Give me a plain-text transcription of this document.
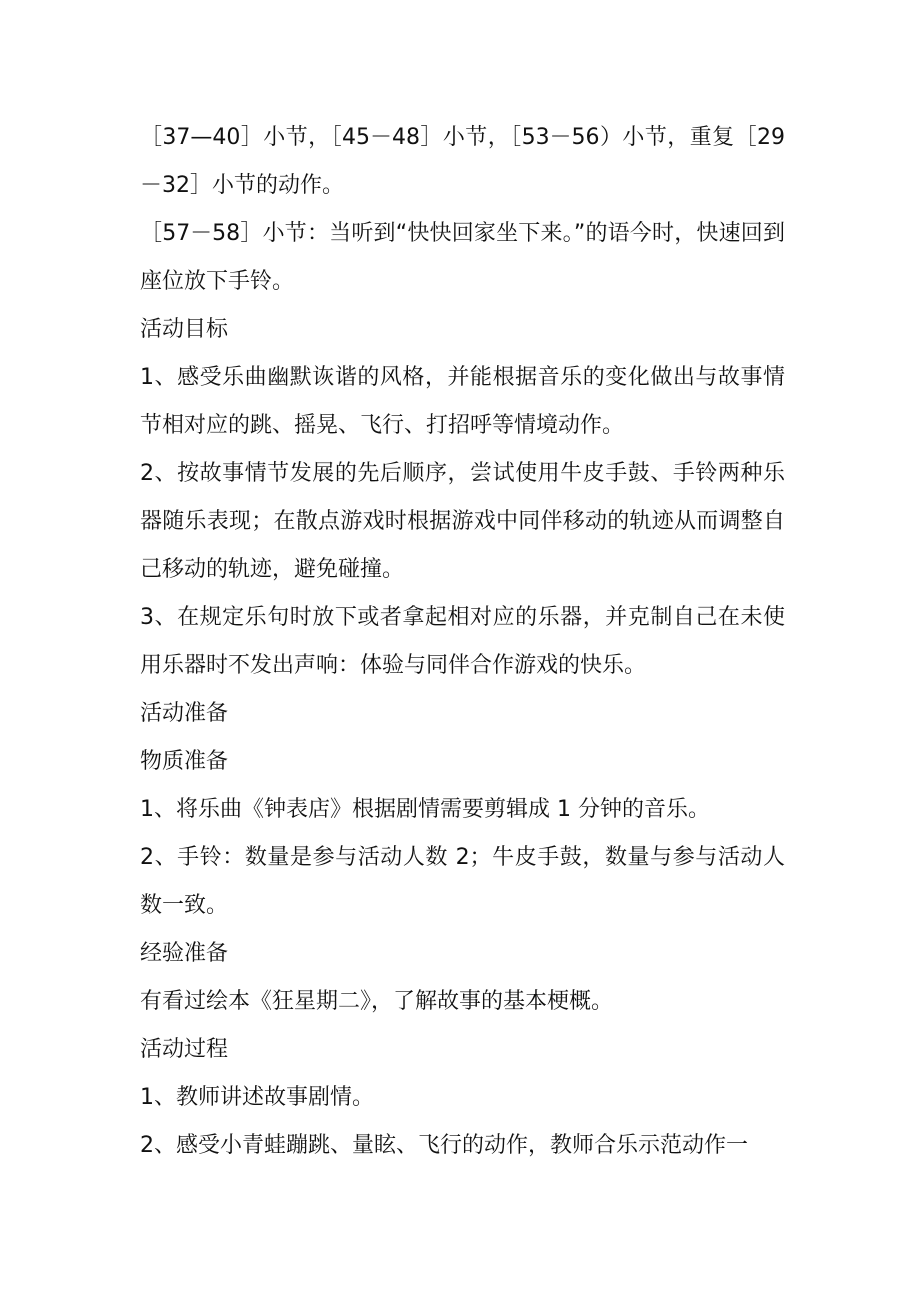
［37—40］小节，［45－48］小节，［53－56）小节，重复［29－32］小节的动作。

［57－58］小节：当听到“快快回家坐下来。”的语今时，快速回到座位放下手铃。

活动目标

1、感受乐曲幽默诙谐的风格，并能根据音乐的变化做出与故事情节相对应的跳、摇晃、飞行、打招呼等情境动作。

2、按故事情节发展的先后顺序，尝试使用牛皮手鼓、手铃两种乐器随乐表现；在散点游戏时根据游戏中同伴移动的轨迹从而调整自己移动的轨迹，避免碰撞。

3、在规定乐句时放下或者拿起相对应的乐器，并克制自己在未使用乐器时不发出声响：体验与同伴合作游戏的快乐。

活动准备

物质准备

1、将乐曲《钟表店》根据剧情需要剪辑成 1 分钟的音乐。

2、手铃：数量是参与活动人数 2；牛皮手鼓，数量与参与活动人数一致。

经验准备

有看过绘本《狂星期二》，了解故事的基本梗概。

活动过程

1、教师讲述故事剧情。

2、感受小青蛙蹦跳、量眩、飞行的动作，教师合乐示范动作一
